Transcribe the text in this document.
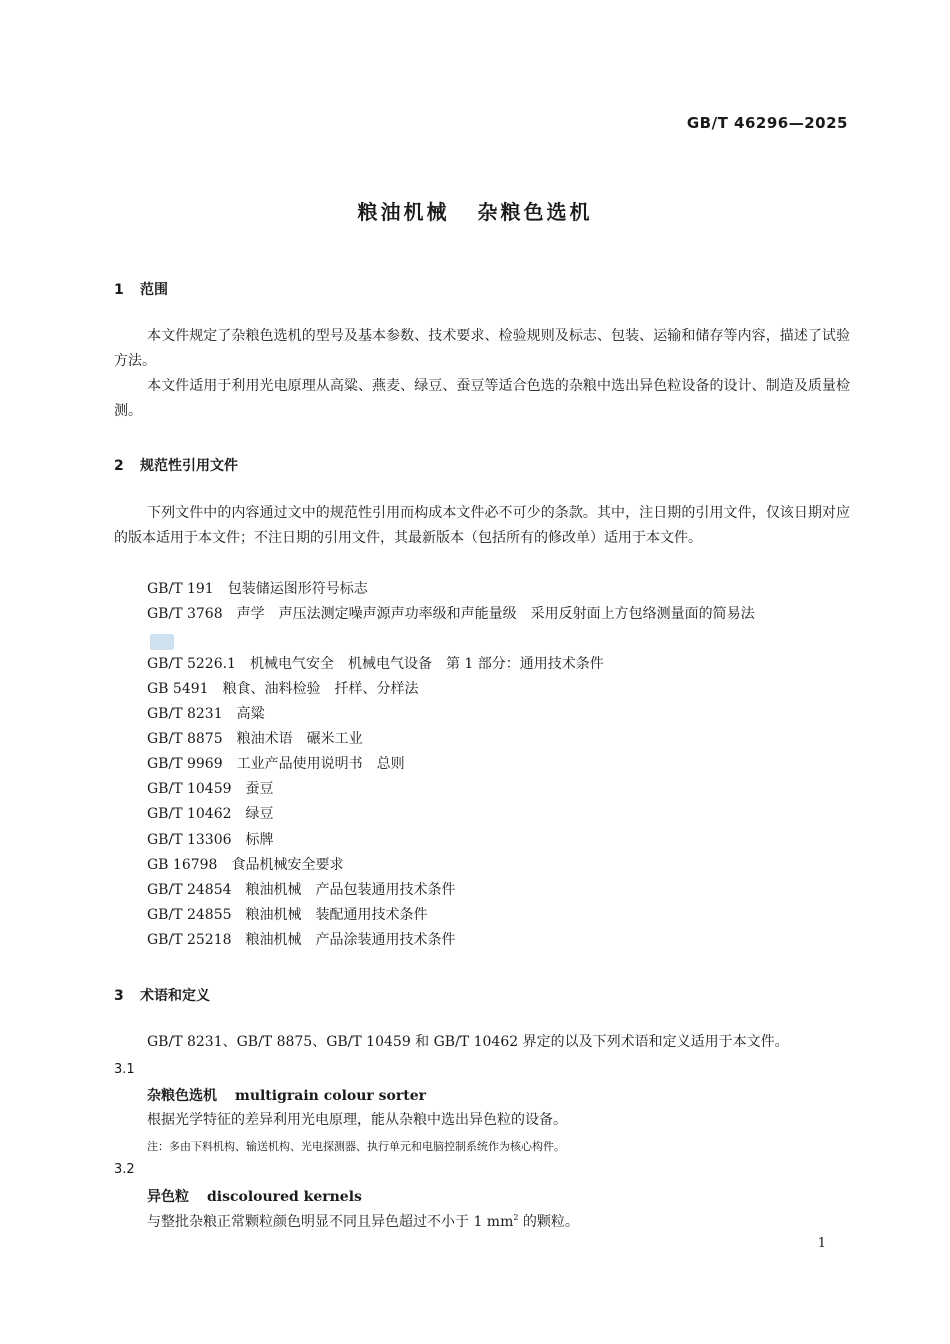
GB/T 46296—2025
粮油机械 杂粮色选机
1 范围
本文件规定了杂粮色选机的型号及基本参数、技术要求、检验规则及标志、包装、运输和储存等内容，描述了试验方法。
本文件适用于利用光电原理从高粱、燕麦、绿豆、蚕豆等适合色选的杂粮中选出异色粒设备的设计、制造及质量检测。
2 规范性引用文件
下列文件中的内容通过文中的规范性引用而构成本文件必不可少的条款。其中，注日期的引用文件，仅该日期对应的版本适用于本文件；不注日期的引用文件，其最新版本（包括所有的修改单）适用于本文件。
GB/T 191 包装储运图形符号标志
GB/T 3768 声学　声压法测定噪声源声功率级和声能量级　采用反射面上方包络测量面的简易法
GB/T 5226.1 机械电气安全　机械电气设备　第 1 部分：通用技术条件
GB 5491 粮食、油料检验　扦样、分样法
GB/T 8231 高粱
GB/T 8875 粮油术语　碾米工业
GB/T 9969 工业产品使用说明书　总则
GB/T 10459 蚕豆
GB/T 10462 绿豆
GB/T 13306 标牌
GB 16798 食品机械安全要求
GB/T 24854 粮油机械　产品包装通用技术条件
GB/T 24855 粮油机械　装配通用技术条件
GB/T 25218 粮油机械　产品涂装通用技术条件
3 术语和定义
GB/T 8231、GB/T 8875、GB/T 10459 和 GB/T 10462 界定的以及下列术语和定义适用于本文件。
3.1
杂粮色选机 multigrain colour sorter
根据光学特征的差异利用光电原理，能从杂粮中选出异色粒的设备。
注：多由下料机构、输送机构、光电探测器、执行单元和电脑控制系统作为核心构件。
3.2
异色粒 discoloured kernels
与整批杂粮正常颗粒颜色明显不同且异色超过不小于 1 $mm^2$ 的颗粒。
1
